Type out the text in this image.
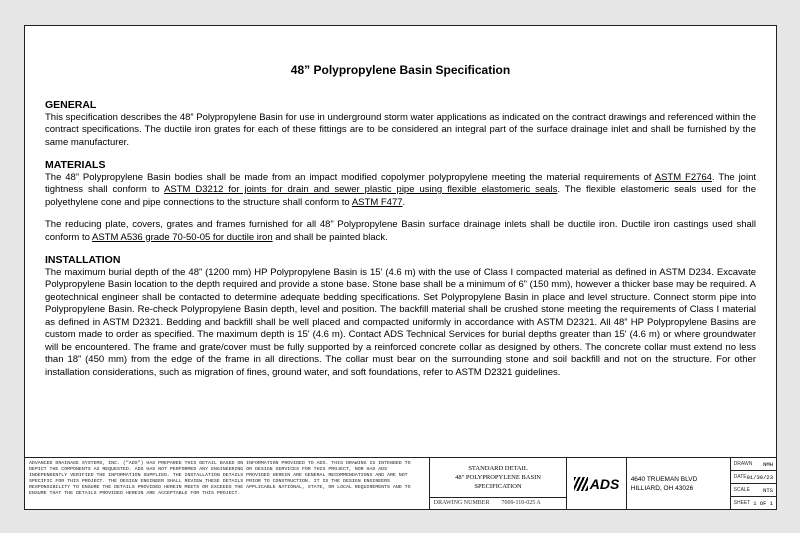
48” Polypropylene Basin Specification

GENERAL

This specification describes the 48” Polypropylene Basin for use in underground storm water applications as indicated on the contract drawings and referenced within the contract specifications. The ductile iron grates for each of these fittings are to be considered an integral part of the surface drainage inlet and shall be furnished by the same manufacturer.

MATERIALS

The 48” Polypropylene Basin bodies shall be made from an impact modified copolymer polypropylene meeting the material requirements of ASTM F2764. The joint tightness shall conform to ASTM D3212 for joints for drain and sewer plastic pipe using flexible elastomeric seals. The flexible elastomeric seals used for the polyethylene cone and pipe connections to the structure shall conform to ASTM F477.

The reducing plate, covers, grates and frames furnished for all 48” Polypropylene Basin surface drainage inlets shall be ductile iron. Ductile iron castings used shall conform to ASTM A536 grade 70-50-05 for ductile iron and shall be painted black.

INSTALLATION

The maximum burial depth of the 48” (1200 mm) HP Polypropylene Basin is 15' (4.6 m) with the use of Class I compacted material as defined in ASTM D234. Excavate Polypropylene Basin location to the depth required and provide a stone base. Stone base shall be a minimum of 6” (150 mm), however a thicker base may be required. A geotechnical engineer shall be contacted to determine adequate bedding specifications. Set Polypropylene Basin in place and level structure. Connect storm pipe into Polypropylene Basin. Re-check Polypropylene Basin depth, level and position. The backfill material shall be crushed stone meeting the requirements of Class I material as defined in ASTM D2321. Bedding and backfill shall be well placed and compacted uniformly in accordance with ASTM D2321. All 48” HP Polypropylene Basins are custom made to order as specified. The maximum depth is 15' (4.6 m). Contact ADS Technical Services for burial depths greater than 15' (4.6 m) or where groundwater will be encountered. The frame and grate/cover must be fully supported by a reinforced concrete collar as designed by others. The concrete collar must extend no less than 18” (450 mm) from the edge of the frame in all directions. The collar must bear on the surrounding stone and soil backfill and not on the structure. For other installation considerations, such as migration of fines, ground water, and soft foundations, refer to ASTM D2321 guidelines.

ADVANCED DRAINAGE SYSTEMS, INC. ("ADS") HAS PREPARED THIS DETAIL BASED ON INFORMATION PROVIDED TO ADS. THIS DRAWING IS INTENDED TO DEPICT THE COMPONENTS AS REQUESTED. ADS HAS NOT PERFORMED ANY ENGINEERING OR DESIGN SERVICES FOR THIS PROJECT, NOR HAS ADS INDEPENDENTLY VERIFIED THE INFORMATION SUPPLIED. THE INSTALLATION DETAILS PROVIDED HEREIN ARE GENERAL RECOMMENDATIONS AND ARE NOT SPECIFIC FOR THIS PROJECT. THE DESIGN ENGINEER SHALL REVIEW THESE DETAILS PRIOR TO CONSTRUCTION. IT IS THE DESIGN ENGINEERS RESPONSIBILITY TO ENSURE THE DETAILS PROVIDED HEREIN MEETS OR EXCEEDS THE APPLICABLE NATIONAL, STATE, OR LOCAL REQUIREMENTS AND TO ENSURE THAT THE DETAILS PROVIDED HEREIN ARE ACCEPTABLE FOR THIS PROJECT.
STANDARD DETAIL
48" POLYPROPYLENE BASIN
SPECIFICATION
DRAWING NUMBER 7009-110-025 A
ADS 4640 TRUEMAN BLVD
HILLIARD, OH 43026
DRAWN NMH
DATE 01/30/23
SCALE NTS
SHEET 1 OF 1
